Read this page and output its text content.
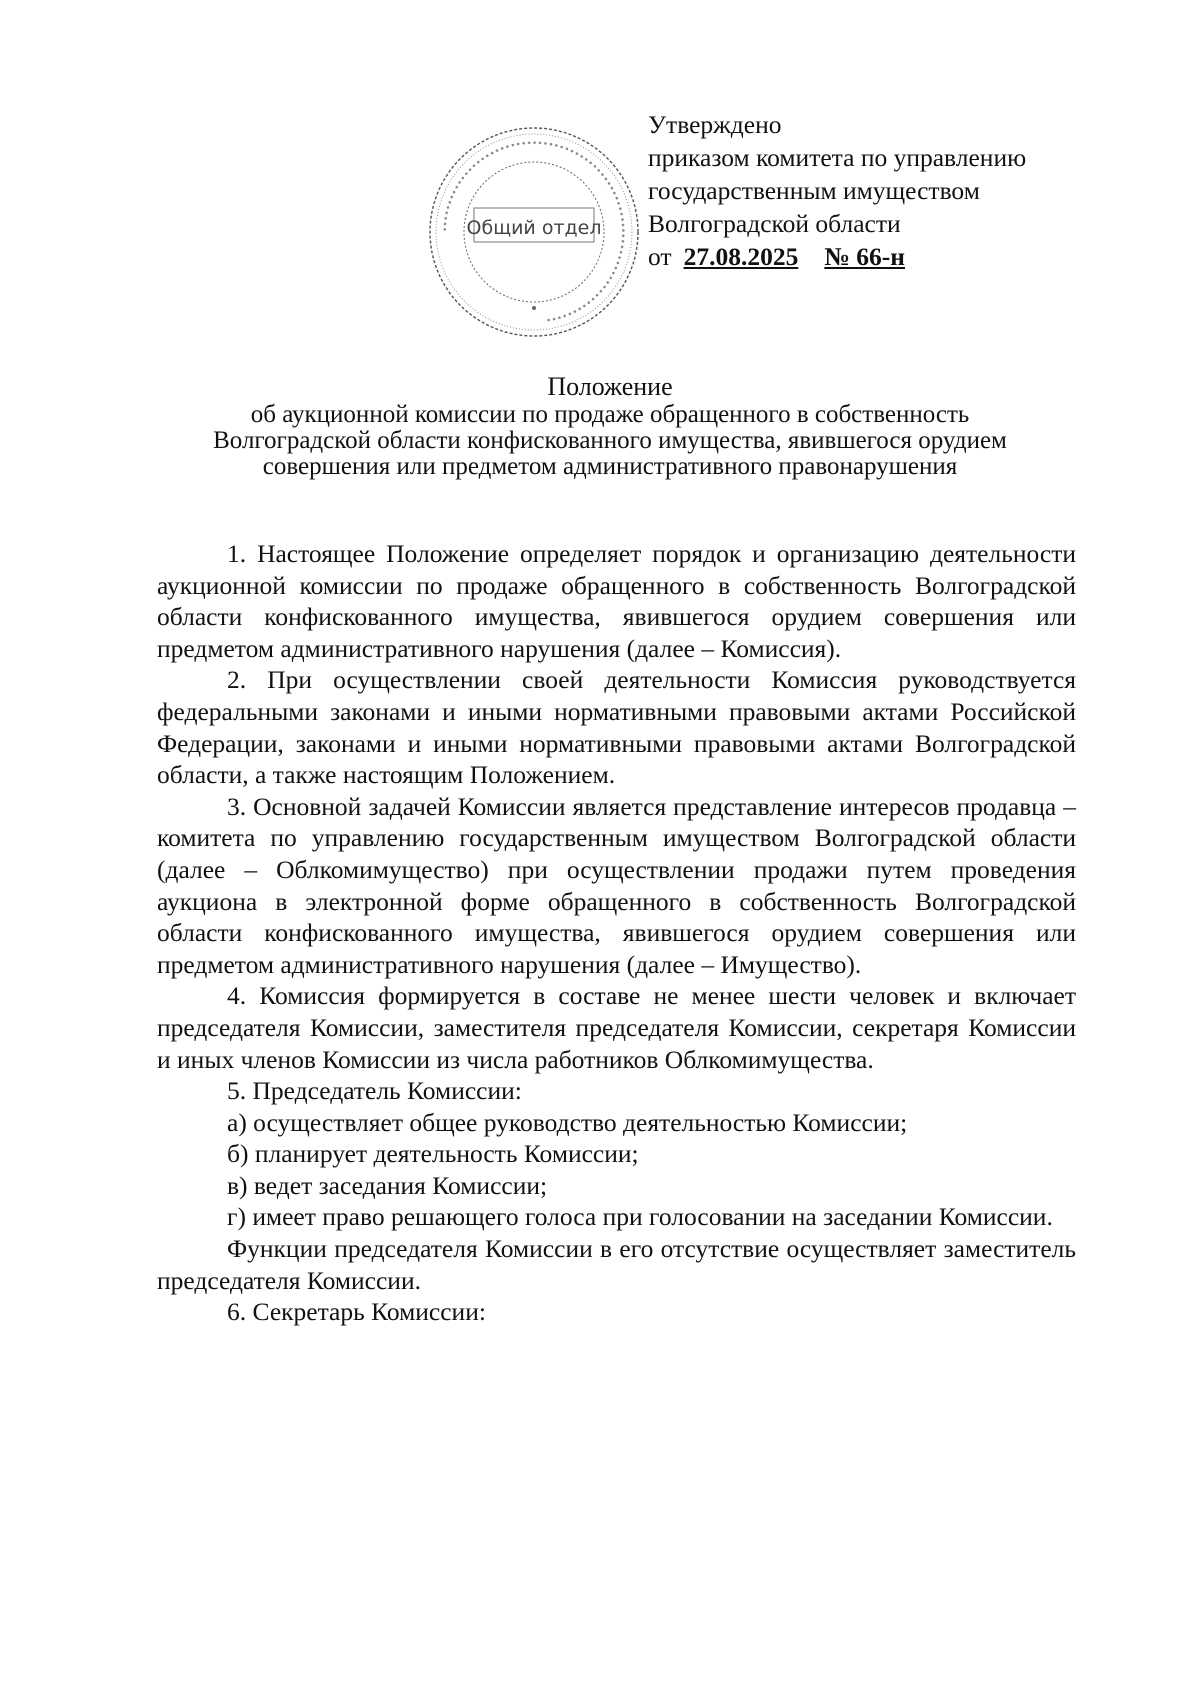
••••••••••••••••••••••••••••••••••••••••••••••••••••••••••••••••••••••••••
Общий отдел
Утверждено
приказом комитета по управлению
государственным имуществом
Волгоградской области
от 27.08.2025 № 66-н
Положение
об аукционной комиссии по продаже обращенного в собственность
Волгоградской области конфискованного имущества, явившегося орудием
совершения или предметом административного правонарушения

1. Настоящее Положение определяет порядок и организацию деятельности аукционной комиссии по продаже обращенного в собственность Волгоградской области конфискованного имущества, явившегося орудием совершения или предметом административного нарушения (далее – Комиссия).

2. При осуществлении своей деятельности Комиссия руководствуется федеральными законами и иными нормативными правовыми актами Российской Федерации, законами и иными нормативными правовыми актами Волгоградской области, а также настоящим Положением.

3. Основной задачей Комиссии является представление интересов продавца – комитета по управлению государственным имуществом Волгоградской области (далее – Облкомимущество) при осуществлении продажи путем проведения аукциона в электронной форме обращенного в собственность Волгоградской области конфискованного имущества, явившегося орудием совершения или предметом административного нарушения (далее – Имущество).

4. Комиссия формируется в составе не менее шести человек и включает председателя Комиссии, заместителя председателя Комиссии, секретаря Комиссии и иных членов Комиссии из числа работников Облкомимущества.

5. Председатель Комиссии:

а) осуществляет общее руководство деятельностью Комиссии;

б) планирует деятельность Комиссии;

в) ведет заседания Комиссии;

г) имеет право решающего голоса при голосовании на заседании Комиссии.

Функции председателя Комиссии в его отсутствие осуществляет заместитель председателя Комиссии.

6. Секретарь Комиссии:
